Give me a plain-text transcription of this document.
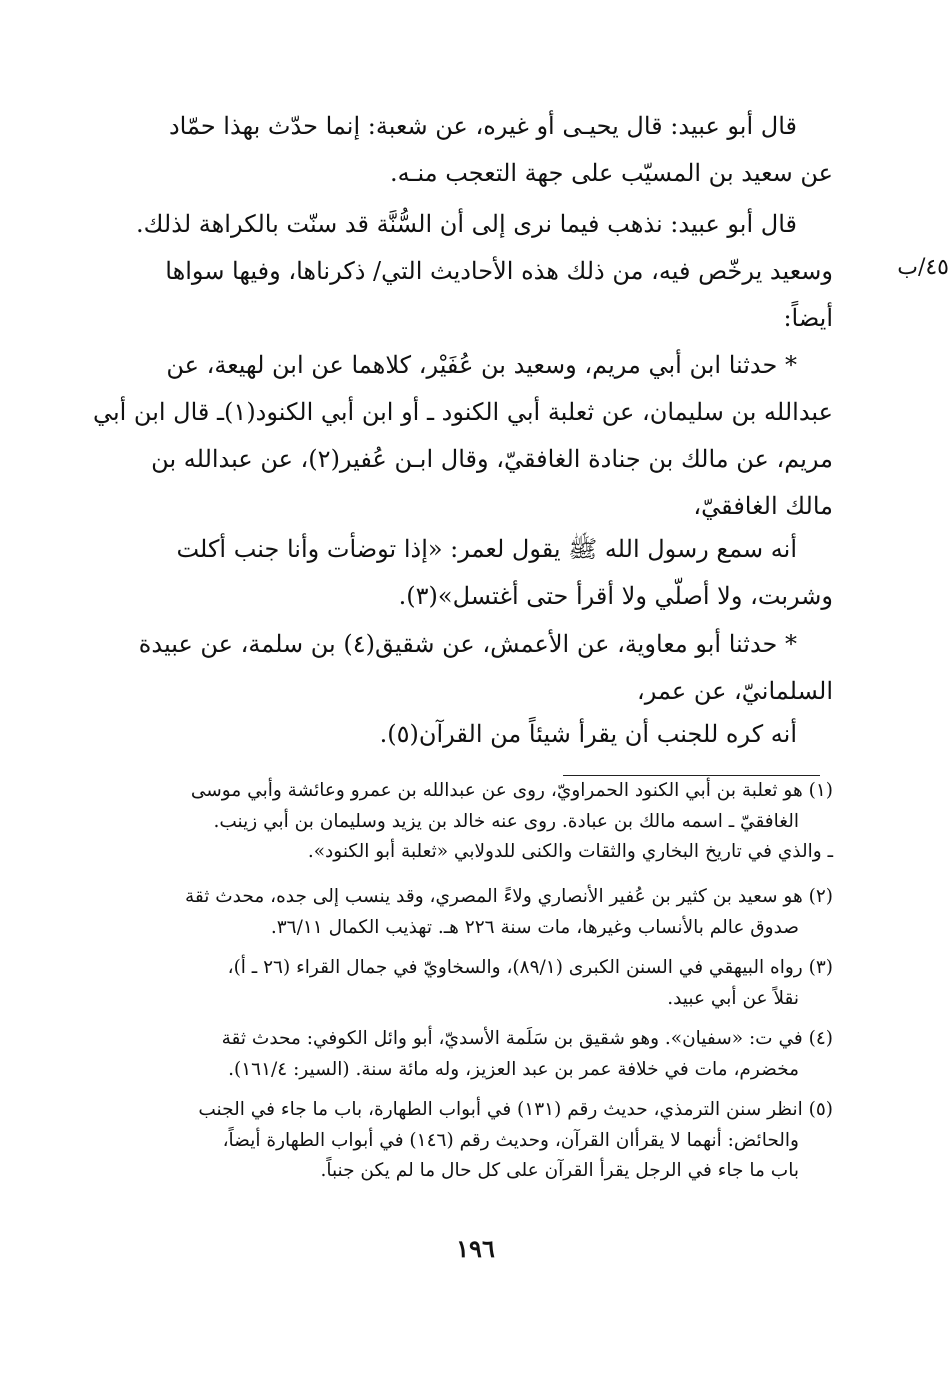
٤٥/ب
قال أبو عبيد: قال يحيـى أو غيره، عن شعبة: إنما حدّث بهذا حمّاد
عن سعيد بن المسيّب على جهة التعجب منـه.
قال أبو عبيد: نذهب فيما نرى إلى أن السُّنَّة قد سنّت بالكراهة لذلك.
وسعيد يرخّص فيه، من ذلك هذه الأحاديث التي/ ذكرناها، وفيها سواها
أيضاً:
* حدثنا ابن أبي مريم، وسعيد بن عُفَيْر، كلاهما عن ابن لهيعة، عن
عبدالله بن سليمان، عن ثعلبة أبي الكنود ـ أو ابن أبي الكنود(١)ـ قال ابن أبي
مريم، عن مالك بن جنادة الغافقيّ، وقال ابـن عُفير(٢)، عن عبدالله بن
مالك الغافقيّ،
أنه سمع رسول الله ﷺ يقول لعمر: «إذا توضأت وأنا جنب أكلت
وشربت، ولا أصلّي ولا أقرأ حتى أغتسل»(٣).
* حدثنا أبو معاوية، عن الأعمش، عن شقيق(٤) بن سلمة، عن عبيدة
السلمانيّ، عن عمر،
أنه كره للجنب أن يقرأ شيئاً من القرآن(٥).
(١) هو ثعلبة بن أبي الكنود الحمراويّ، روى عن عبدالله بن عمرو وعائشة وأبي موسى
الغافقيّ ـ اسمه مالك بن عبادة. روى عنه خالد بن يزيد وسليمان بن أبي زينب.
ـ والذي في تاريخ البخاري والثقات والكنى للدولابي «ثعلبة أبو الكنود».
(٢) هو سعيد بن كثير بن عُفير الأنصاري ولاءً المصري، وقد ينسب إلى جده، محدث ثقة
صدوق عالم بالأنساب وغيرها، مات سنة ٢٢٦ هـ. تهذيب الكمال ٣٦/١١.
(٣) رواه البيهقي في السنن الكبرى (٨٩/١)، والسخاويّ في جمال القراء (٢٦ ـ أ)،
نقلاً عن أبي عبيد.
(٤) في ت: «سفيان». وهو شقيق بن سَلَمة الأسديّ، أبو وائل الكوفي: محدث ثقة
مخضرم، مات في خلافة عمر بن عبد العزيز، وله مائة سنة. (السير: ١٦١/٤).
(٥) انظر سنن الترمذي، حديث رقم (١٣١) في أبواب الطهارة، باب ما جاء في الجنب
والحائض: أنهما لا يقرأان القرآن، وحديث رقم (١٤٦) في أبواب الطهارة أيضاً،
باب ما جاء في الرجل يقرأ القرآن على كل حال ما لم يكن جنباً.
١٩٦
